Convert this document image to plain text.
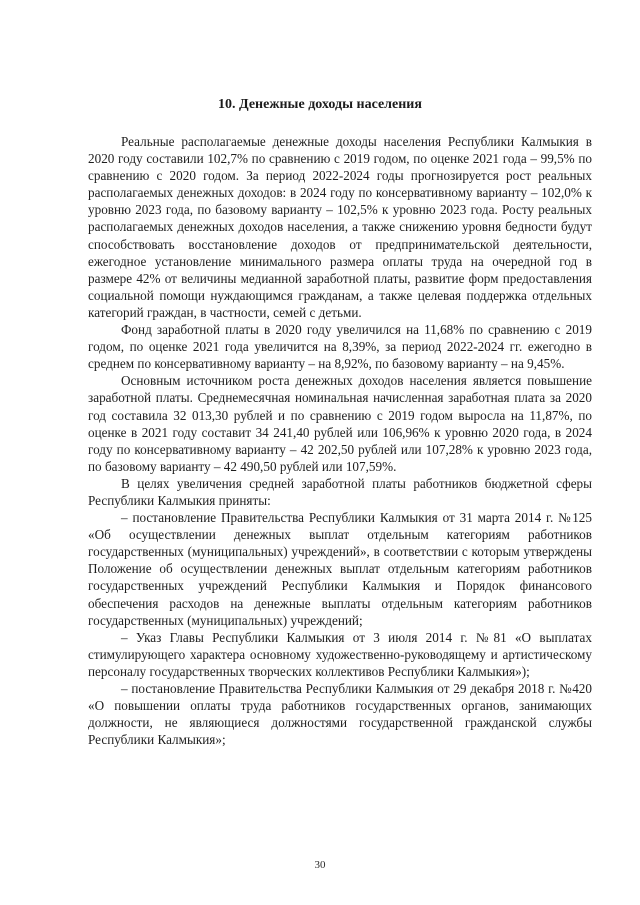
10. Денежные доходы населения

Реальные располагаемые денежные доходы населения Республики Калмыкия в 2020 году составили 102,7% по сравнению с 2019 годом, по оценке 2021 года – 99,5% по сравнению с 2020 годом. За период 2022-2024 годы прогнозируется рост реальных располагаемых денежных доходов: в 2024 году по консервативному варианту – 102,0% к уровню 2023 года, по базовому варианту – 102,5% к уровню 2023 года. Росту реальных располагаемых денежных доходов населения, а также снижению уровня бедности будут способствовать восстановление доходов от предпринимательской деятельности, ежегодное установление минимального размера оплаты труда на очередной год в размере 42% от величины медианной заработной платы, развитие форм предоставления социальной помощи нуждающимся гражданам, а также целевая поддержка отдельных категорий граждан, в частности, семей с детьми.

Фонд заработной платы в 2020 году увеличился на 11,68% по сравнению с 2019 годом, по оценке 2021 года увеличится на 8,39%, за период 2022-2024 гг. ежегодно в среднем по консервативному варианту – на 8,92%, по базовому варианту – на 9,45%.

Основным источником роста денежных доходов населения является повышение заработной платы. Среднемесячная номинальная начисленная заработная плата за 2020 год составила 32 013,30 рублей и по сравнению с 2019 годом выросла на 11,87%, по оценке в 2021 году составит 34 241,40 рублей или 106,96% к уровню 2020 года, в 2024 году по консервативному варианту – 42 202,50 рублей или 107,28% к уровню 2023 года, по базовому варианту – 42 490,50 рублей или 107,59%.

В целях увеличения средней заработной платы работников бюджетной сферы Республики Калмыкия приняты:

– постановление Правительства Республики Калмыкия от 31 марта 2014 г. №125 «Об осуществлении денежных выплат отдельным категориям работников государственных (муниципальных) учреждений», в соответствии с которым утверждены Положение об осуществлении денежных выплат отдельным категориям работников государственных учреждений Республики Калмыкия и Порядок финансового обеспечения расходов на денежные выплаты отдельным категориям работников государственных (муниципальных) учреждений;

– Указ Главы Республики Калмыкия от 3 июля 2014 г. №81 «О выплатах стимулирующего характера основному художественно-руководящему и артистическому персоналу государственных творческих коллективов Республики Калмыкия»);

– постановление Правительства Республики Калмыкия от 29 декабря 2018 г. №420 «О повышении оплаты труда работников государственных органов, занимающих должности, не являющиеся должностями государственной гражданской службы Республики Калмыкия»;

30
